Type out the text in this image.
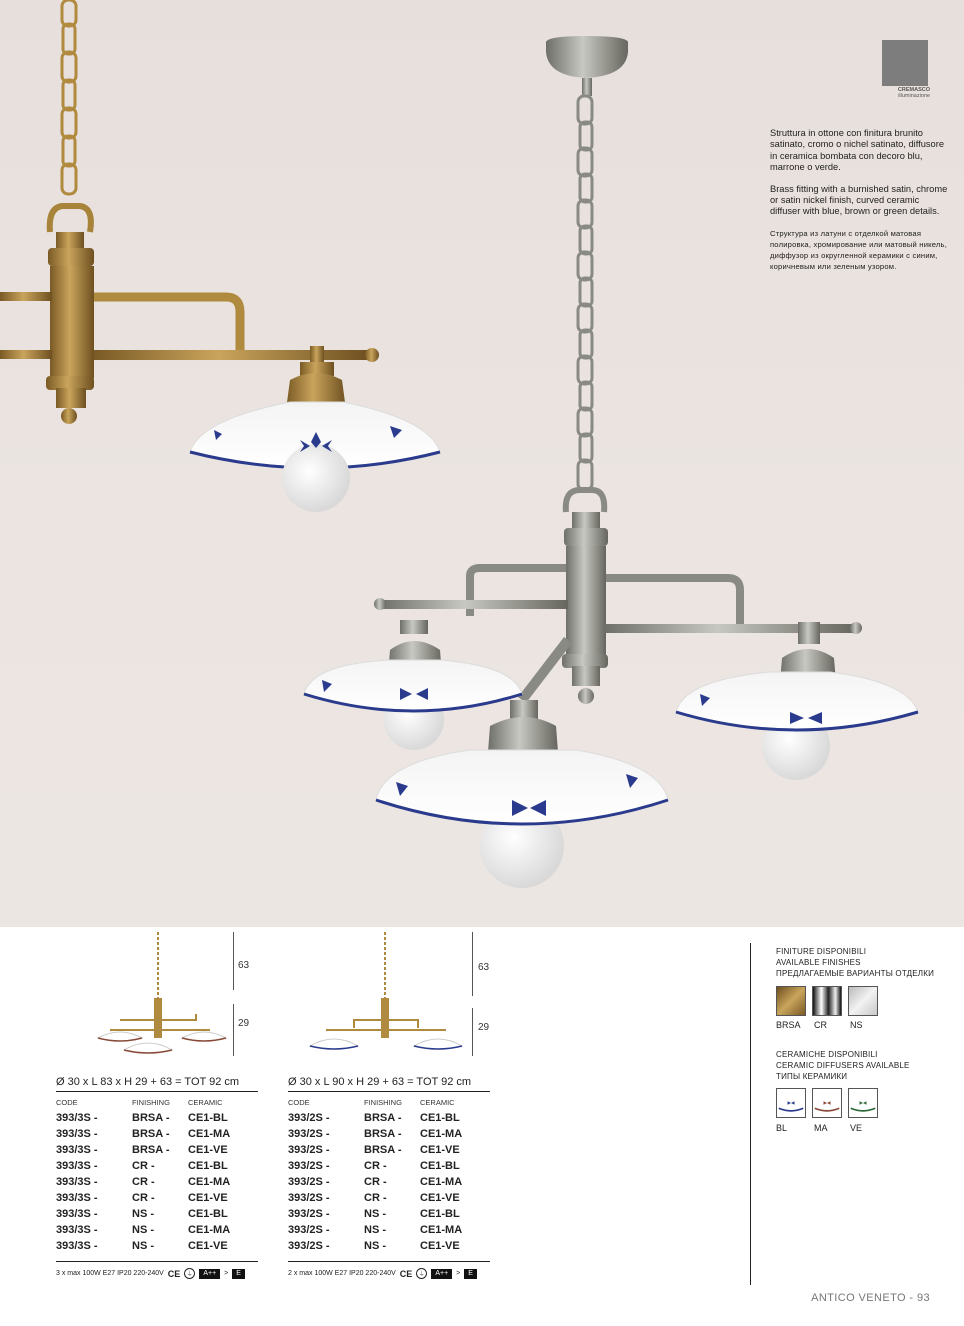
CREMASCO
illuminazione

Struttura in ottone con finitura brunito satinato, cromo o nichel satinato, diffusore in ceramica bombata con decoro blu, marrone o verde.

Brass fitting with a burnished satin, chrome or satin nickel finish, curved ceramic diffuser with blue, brown or green details.

Структура из латуни с отделкой матовая полировка, хромирование или матовый никель, диффузор из округленной керамики с синим, коричневым или зеленым узором.

63
29
63
29
Ø 30 x L 83 x H 29 + 63 = TOT 92 cm
CODE	FINISHING CERAMIC
393/3S -	BRSA - CE1-BL
393/3S -	BRSA - CE1-MA
393/3S -	BRSA - CE1-VE
393/3S -	CR -	CE1-BL
393/3S -	CR -	CE1-MA
393/3S -	CR -	CE1-VE
393/3S -	NS -	CE1-BL
393/3S -	NS -	CE1-MA
393/3S -	NS -	CE1-VE
3 x max 100W E27 IP20 220-240V CE	⏚	A++	>	E
Ø 30 x L 90 x H 29 + 63 = TOT 92 cm
CODE	FINISHING CERAMIC
393/2S -	BRSA - CE1-BL
393/2S -	BRSA - CE1-MA
393/2S -	BRSA - CE1-VE
393/2S -	CR -	CE1-BL
393/2S -	CR -	CE1-MA
393/2S -	CR -	CE1-VE
393/2S -	NS -	CE1-BL
393/2S -	NS -	CE1-MA
393/2S -	NS -	CE1-VE
2 x max 100W E27 IP20 220-240V CE	⏚	A++	>	E
FINITURE DISPONIBILI
AVAILABLE FINISHES
ПРЕДЛАГАЕМЫЕ ВАРИАНТЫ ОТДЕЛКИ
BRSA CR	NS
CERAMICHE DISPONIBILI
CERAMIC DIFFUSERS AVAILABLE
ТИПЫ КЕРАМИКИ
BL	MA	VE
ANTICO VENETO - 93
